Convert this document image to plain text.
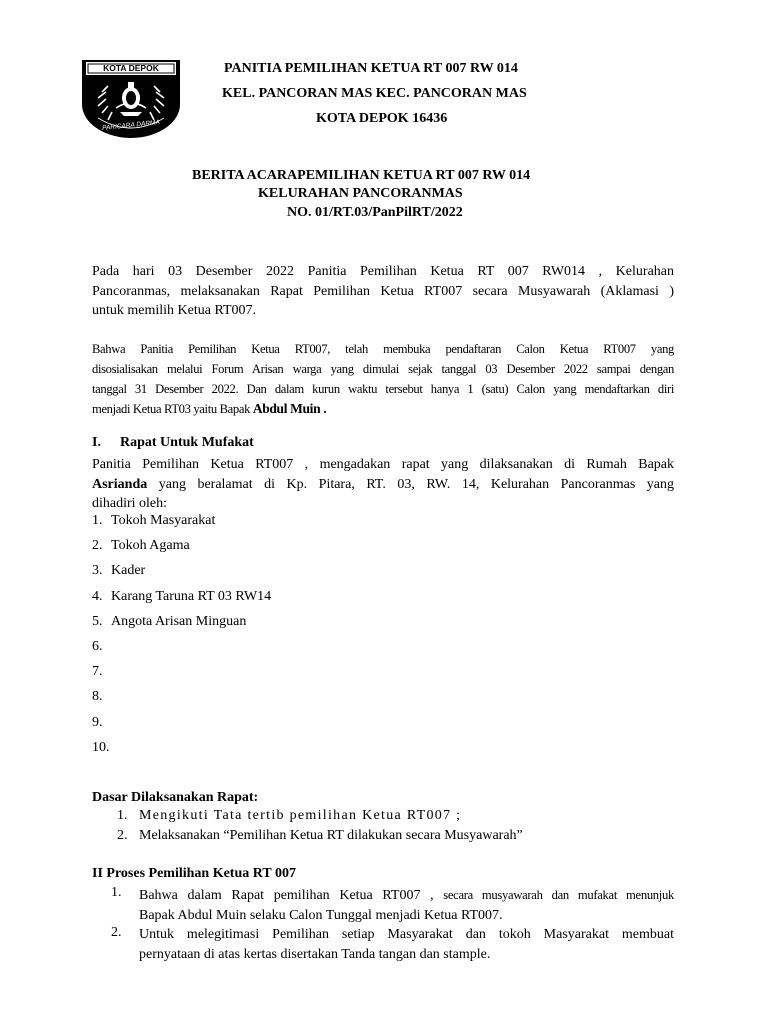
KOTA DEPOK
PARICARA DARMA
PANITIA PEMILIHAN KETUA RT 007 RW 014
KEL. PANCORAN MAS KEC. PANCORAN MAS
KOTA DEPOK 16436
BERITA ACARAPEMILIHAN KETUA RT 007 RW 014
KELURAHAN PANCORANMAS
NO. 01/RT.03/PanPilRT/2022
Pada hari 03 Desember 2022 Panitia Pemilihan Ketua RT 007 RW014 , Kelurahan
Pancoranmas, melaksanakan Rapat Pemilihan Ketua RT007 secara Musyawarah (Aklamasi )
untuk memilih Ketua RT007.
Bahwa Panitia Pemilihan Ketua RT007, telah membuka pendaftaran Calon Ketua RT007 yang
disosialisakan melalui Forum Arisan warga yang dimulai sejak tanggal 03 Desember 2022 sampai dengan
tanggal 31 Desember 2022. Dan dalam kurun waktu tersebut hanya 1 (satu) Calon yang mendaftarkan diri
menjadi Ketua RT03 yaitu Bapak Abdul Muin .
I. Rapat Untuk Mufakat
Panitia Pemilihan Ketua RT007 , mengadakan rapat yang dilaksanakan di Rumah Bapak
Asrianda yang beralamat di Kp. Pitara, RT. 03, RW. 14, Kelurahan Pancoranmas yang
dihadiri oleh:
1. Tokoh Masyarakat
2. Tokoh Agama
3. Kader
4. Karang Taruna RT 03 RW14
5. Angota Arisan Minguan
6.
7.
8.
9.
10.
Dasar Dilaksanakan Rapat:
1. Mengikuti Tata tertib pemilihan Ketua RT007 ;
2. Melaksanakan “Pemilihan Ketua RT dilakukan secara Musyawarah”
II Proses Pemilihan Ketua RT 007
1. Bahwa dalam Rapat pemilihan Ketua RT007 , secara musyawarah dan mufakat menunjuk
Bapak Abdul Muin selaku Calon Tunggal menjadi Ketua RT007.
2. Untuk melegitimasi Pemilihan setiap Masyarakat dan tokoh Masyarakat membuat
pernyataan di atas kertas disertakan Tanda tangan dan stample.
